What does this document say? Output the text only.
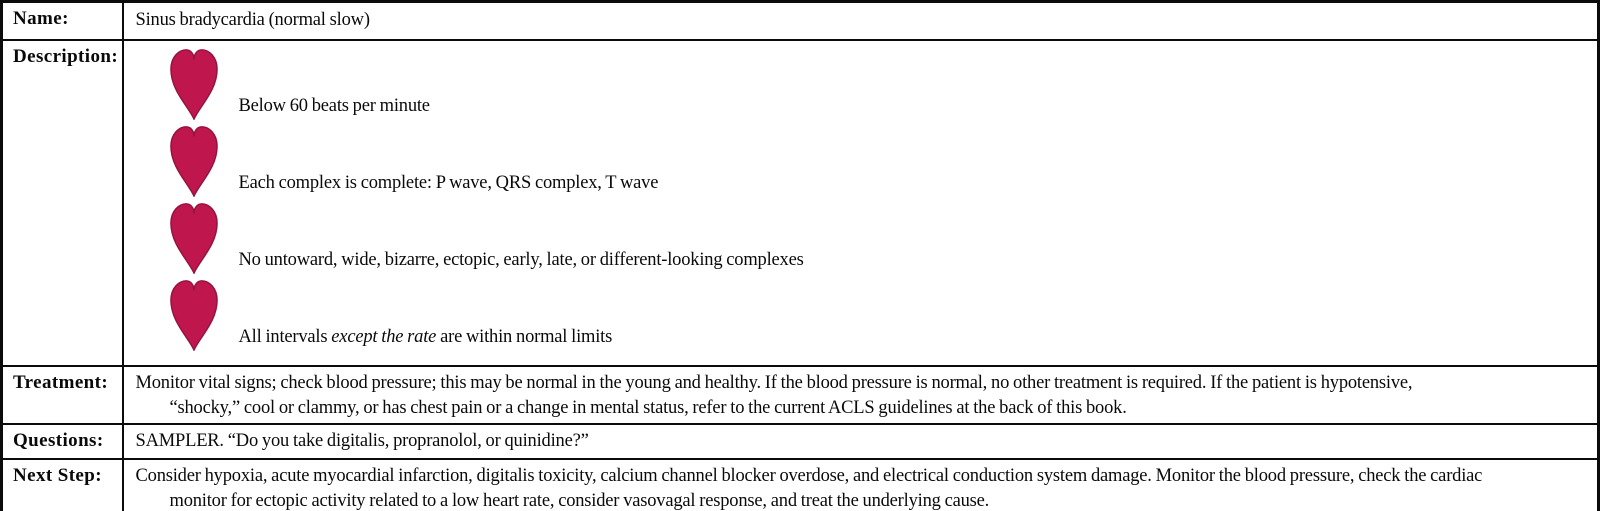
Name:	Sinus bradycardia (normal slow)
Description:	Below 60 beats per minute
Each complex is complete: P wave, QRS complex, T wave
No untoward, wide, bizarre, ectopic, early, late, or different-looking complexes
All intervals except the rate are within normal limits

Treatment:	Monitor vital signs; check blood pressure; this may be normal in the young and healthy. If the blood pressure is normal, no other treatment is required. If the patient is hypotensive,
“shocky,” cool or clammy, or has chest pain or a change in mental status, refer to the current ACLS guidelines at the back of this book.

Questions:	SAMPLER. “Do you take digitalis, propranolol, or quinidine?”
Next Step:	Consider hypoxia, acute myocardial infarction, digitalis toxicity, calcium channel blocker overdose, and electrical conduction system damage. Monitor the blood pressure, check the cardiac
monitor for ectopic activity related to a low heart rate, consider vasovagal response, and treat the underlying cause.
